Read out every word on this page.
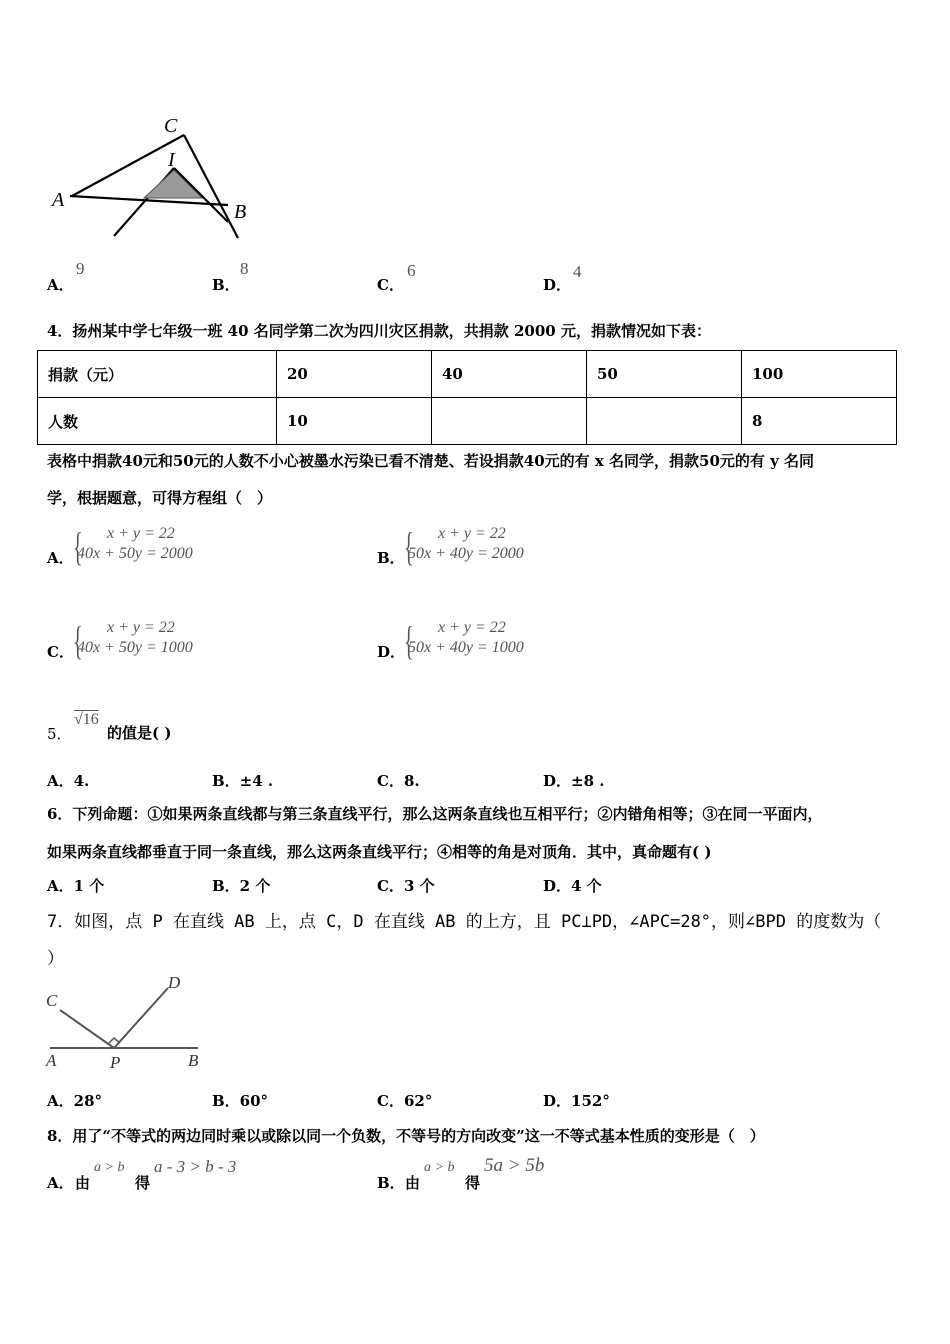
C
I
A
B
A．
9
B．
8
C．
6
D．
4
4．扬州某中学七年级一班 40 名同学第二次为四川灾区捐款，共捐款 2000 元，捐款情况如下表：
捐款（元）	20	40	50	100
人数	10			8
表格中捐款40元和50元的人数不小心被墨水污染已看不清楚、若设捐款40元的有 x 名同学，捐款50元的有 y 名同
学，根据题意，可得方程组（　）
A． { x + y = 22
40x + 50y = 2000	B． { x + y = 22
50x + 40y = 2000
C． { x + y = 22
40x + 50y = 1000	D．
{ x + y = 22
50x + 40y = 1000
5．
√16
的值是( )
A．4.	B．±4 .	C．8.	D．±8 .
6．下列命题：①如果两条直线都与第三条直线平行，那么这两条直线也互相平行；②内错角相等；③在同一平面内，
如果两条直线都垂直于同一条直线，那么这两条直线平行；④相等的角是对顶角．其中，真命题有( )
A．1 个	B．2 个	C．3 个	D．4 个
7．如图，点 P 在直线 AB 上，点 C，D 在直线 AB 的上方，且 PC⊥PD，∠APC=28°，则∠BPD 的度数为（
）
C
D
A	P	B
A．28°	B．60°	C．62°	D．152°
8．用了“不等式的两边同时乘以或除以同一个负数，不等号的方向改变”这一不等式基本性质的变形是（　）
A． 由
a > b
得
a - 3 > b - 3
B． 由
a > b
得
5a > 5b
